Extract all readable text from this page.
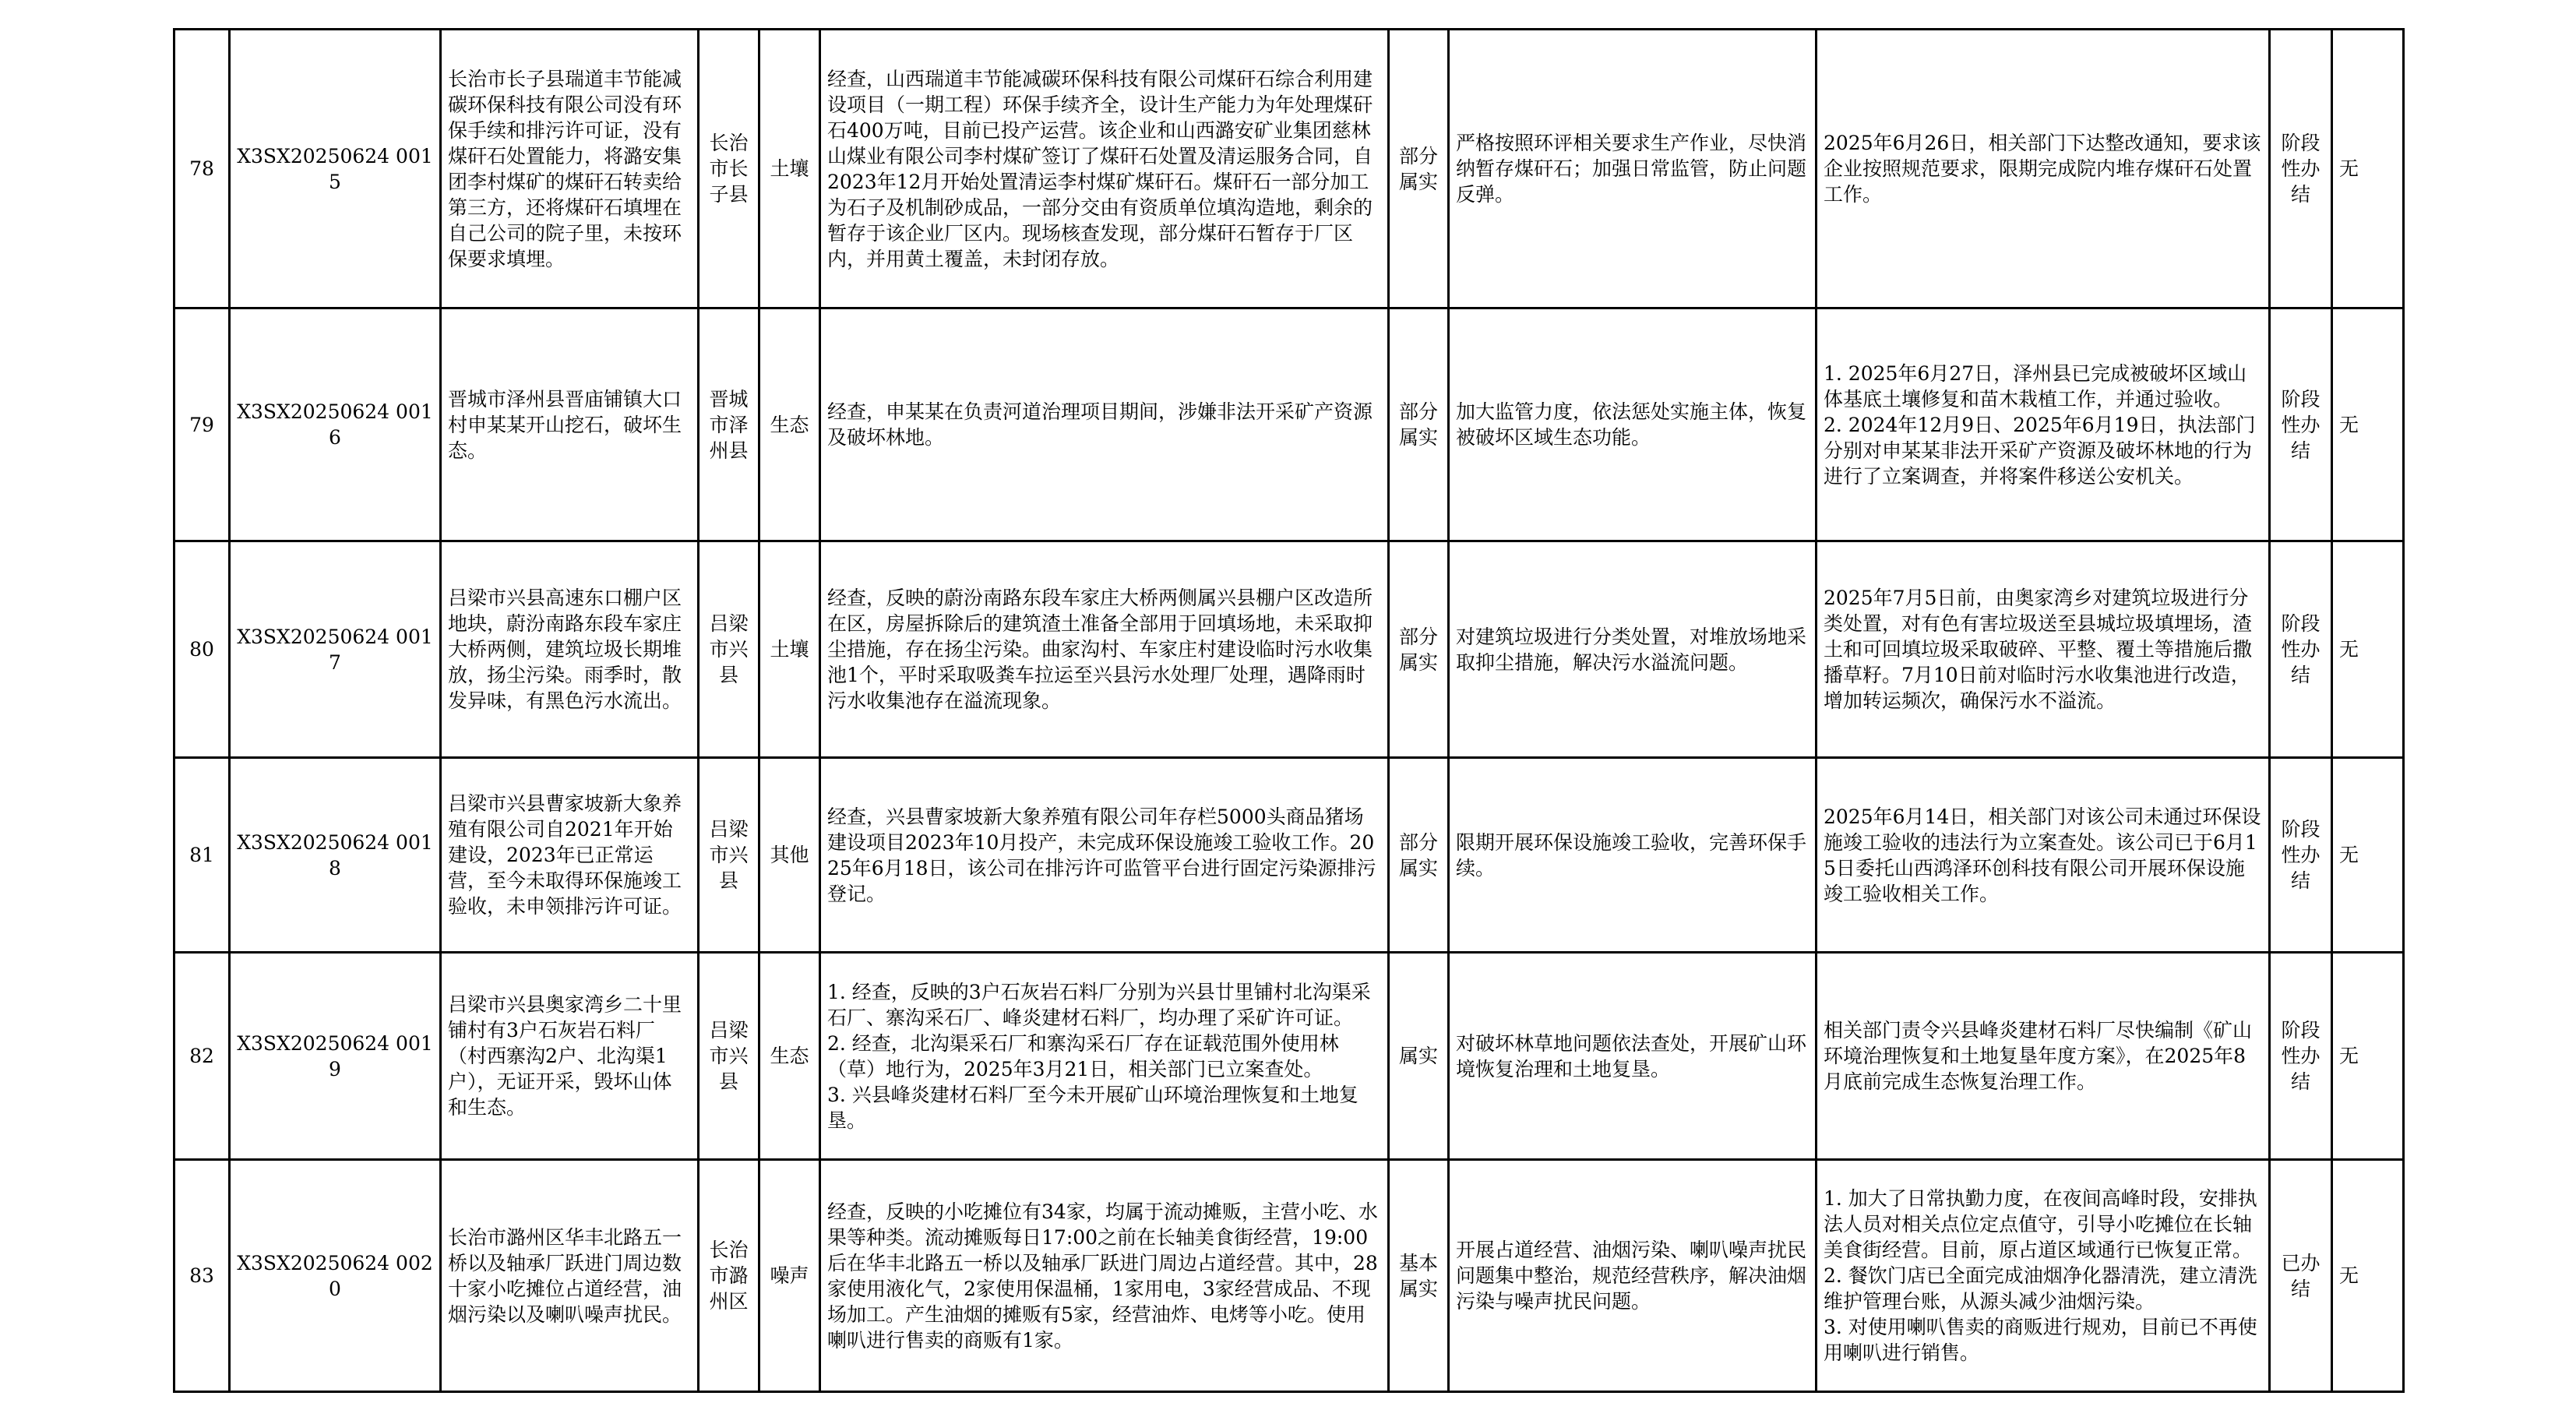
78	X3SX20250624 0015	长治市长子县瑞道丰节能减碳环保科技有限公司没有环保手续和排污许可证，没有煤矸石处置能力，将潞安集团李村煤矿的煤矸石转卖给第三方，还将煤矸石填埋在自己公司的院子里，未按环保要求填埋。	长治市长子县	土壤	经查，山西瑞道丰节能减碳环保科技有限公司煤矸石综合利用建设项目（一期工程）环保手续齐全，设计生产能力为年处理煤矸石400万吨，目前已投产运营。该企业和山西潞安矿业集团慈林山煤业有限公司李村煤矿签订了煤矸石处置及清运服务合同，自2023年12月开始处置清运李村煤矿煤矸石。煤矸石一部分加工为石子及机制砂成品，一部分交由有资质单位填沟造地，剩余的暂存于该企业厂区内。现场核查发现，部分煤矸石暂存于厂区内，并用黄土覆盖，未封闭存放。	部分属实	严格按照环评相关要求生产作业，尽快消纳暂存煤矸石；加强日常监管，防止问题反弹。	2025年6月26日，相关部门下达整改通知，要求该企业按照规范要求，限期完成院内堆存煤矸石处置工作。	阶段性办结	无

79	X3SX20250624 0016	晋城市泽州县晋庙铺镇大口村申某某开山挖石，破坏生态。	晋城市泽州县	生态	经查，申某某在负责河道治理项目期间，涉嫌非法开采矿产资源及破坏林地。	部分属实	加大监管力度，依法惩处实施主体，恢复被破坏区域生态功能。	1. 2025年6月27日，泽州县已完成被破坏区域山体基底土壤修复和苗木栽植工作，并通过验收。
2. 2024年12月9日、2025年6月19日，执法部门分别对申某某非法开采矿产资源及破坏林地的行为进行了立案调查，并将案件移送公安机关。	阶段性办结	无

80	X3SX20250624 0017	吕梁市兴县高速东口棚户区地块，蔚汾南路东段车家庄大桥两侧，建筑垃圾长期堆放，扬尘污染。雨季时，散发异味，有黑色污水流出。	吕梁市兴县	土壤	经查，反映的蔚汾南路东段车家庄大桥两侧属兴县棚户区改造所在区，房屋拆除后的建筑渣土准备全部用于回填场地，未采取抑尘措施，存在扬尘污染。曲家沟村、车家庄村建设临时污水收集池1个，平时采取吸粪车拉运至兴县污水处理厂处理，遇降雨时污水收集池存在溢流现象。	部分属实	对建筑垃圾进行分类处置，对堆放场地采取抑尘措施，解决污水溢流问题。	2025年7月5日前，由奥家湾乡对建筑垃圾进行分类处置，对有色有害垃圾送至县城垃圾填埋场，渣土和可回填垃圾采取破碎、平整、覆土等措施后撒播草籽。7月10日前对临时污水收集池进行改造，增加转运频次，确保污水不溢流。	阶段性办结	无

81	X3SX20250624 0018	吕梁市兴县曹家坡新大象养殖有限公司自2021年开始建设，2023年已正常运营，至今未取得环保施竣工验收，未申领排污许可证。	吕梁市兴县	其他	经查，兴县曹家坡新大象养殖有限公司年存栏5000头商品猪场建设项目2023年10月投产，未完成环保设施竣工验收工作。2025年6月18日，该公司在排污许可监管平台进行固定污染源排污登记。	部分属实	限期开展环保设施竣工验收，完善环保手续。	2025年6月14日，相关部门对该公司未通过环保设施竣工验收的违法行为立案查处。该公司已于6月15日委托山西鸿泽环创科技有限公司开展环保设施竣工验收相关工作。	阶段性办结	无

82	X3SX20250624 0019	吕梁市兴县奥家湾乡二十里铺村有3户石灰岩石料厂（村西寨沟2户、北沟渠1户），无证开采，毁坏山体和生态。	吕梁市兴县	生态	1. 经查，反映的3户石灰岩石料厂分别为兴县廿里铺村北沟渠采石厂、寨沟采石厂、峰炎建材石料厂，均办理了采矿许可证。
2. 经查，北沟渠采石厂和寨沟采石厂存在证载范围外使用林（草）地行为，2025年3月21日，相关部门已立案查处。
3. 兴县峰炎建材石料厂至今未开展矿山环境治理恢复和土地复垦。	属实	对破坏林草地问题依法查处，开展矿山环境恢复治理和土地复垦。	相关部门责令兴县峰炎建材石料厂尽快编制《矿山环境治理恢复和土地复垦年度方案》，在2025年8月底前完成生态恢复治理工作。	阶段性办结	无

83	X3SX20250624 0020	长治市潞州区华丰北路五一桥以及轴承厂跃进门周边数十家小吃摊位占道经营，油烟污染以及喇叭噪声扰民。	长治市潞州区	噪声	经查，反映的小吃摊位有34家，均属于流动摊贩，主营小吃、水果等种类。流动摊贩每日17:00之前在长轴美食街经营，19:00后在华丰北路五一桥以及轴承厂跃进门周边占道经营。其中，28家使用液化气，2家使用保温桶，1家用电，3家经营成品、不现场加工。产生油烟的摊贩有5家，经营油炸、电烤等小吃。使用喇叭进行售卖的商贩有1家。	基本属实	开展占道经营、油烟污染、喇叭噪声扰民问题集中整治，规范经营秩序，解决油烟污染与噪声扰民问题。	1. 加大了日常执勤力度，在夜间高峰时段，安排执法人员对相关点位定点值守，引导小吃摊位在长轴美食街经营。目前，原占道区域通行已恢复正常。
2. 餐饮门店已全面完成油烟净化器清洗，建立清洗维护管理台账，从源头减少油烟污染。
3. 对使用喇叭售卖的商贩进行规劝，目前已不再使用喇叭进行销售。	已办结	无
